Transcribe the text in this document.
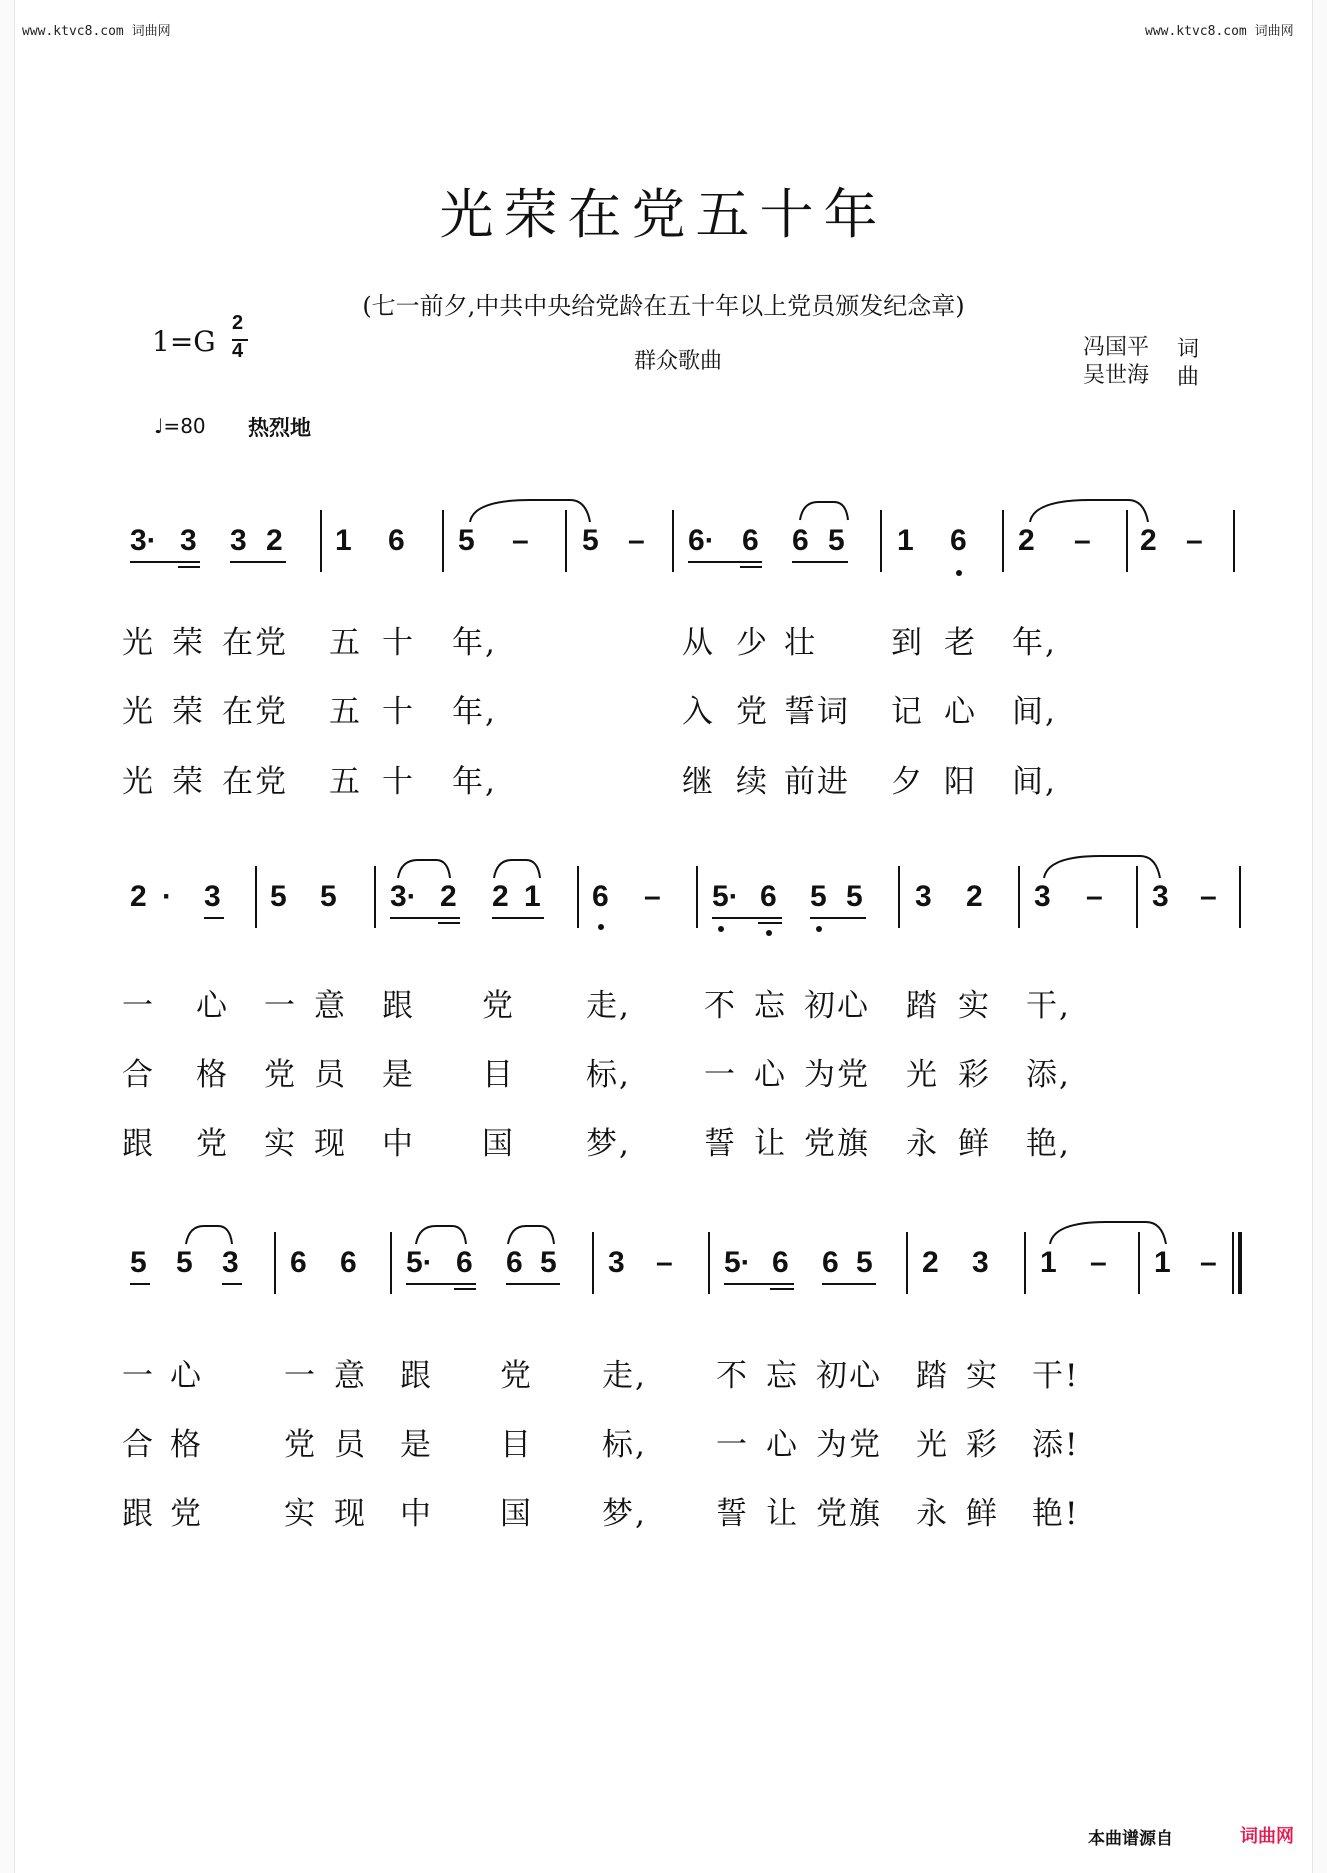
www.ktvc8.com 词曲网	www.ktvc8.com 词曲网
光荣在党五十年
(七一前夕,中共中央给党龄在五十年以上党员颁发纪念章)
1=G
2
4	群众歌曲
冯国平 词
吴世海 曲
♩=80 热烈地
3· 3 3 2 1 6 5 – 5 – 6· 6 6 5 1 6 2 – 2 –
光 荣 在党 五 十 年,	从 少 壮 到 老 年,
光 荣 在党 五 十 年,	入 党 誓词 记 心 间,
光 荣 在党 五 十 年,	继 续 前进 夕 阳 间,
2 · 3 5 5 3· 2 2 1 6 – 5· 6 5 5 3 2 3 – 3 –
一 心 一 意 跟 党 走, 不 忘 初心 踏 实 干,
合 格 党 员 是 目 标, 一 心 为党 光 彩 添,
跟 党 实 现 中 国 梦, 誓 让 党旗 永 鲜 艳,
5 5 3 6 6 5· 6 6 5 3 – 5· 6 6 5 2 3 1 – 1 –
一 心	一 意 跟 党 走, 不 忘 初心 踏 实 干!
合 格	党 员 是 目 标, 一 心 为党 光 彩 添!
跟 党	实 现 中 国 梦, 誓 让 党旗 永 鲜 艳!
本曲谱源自	词曲网
